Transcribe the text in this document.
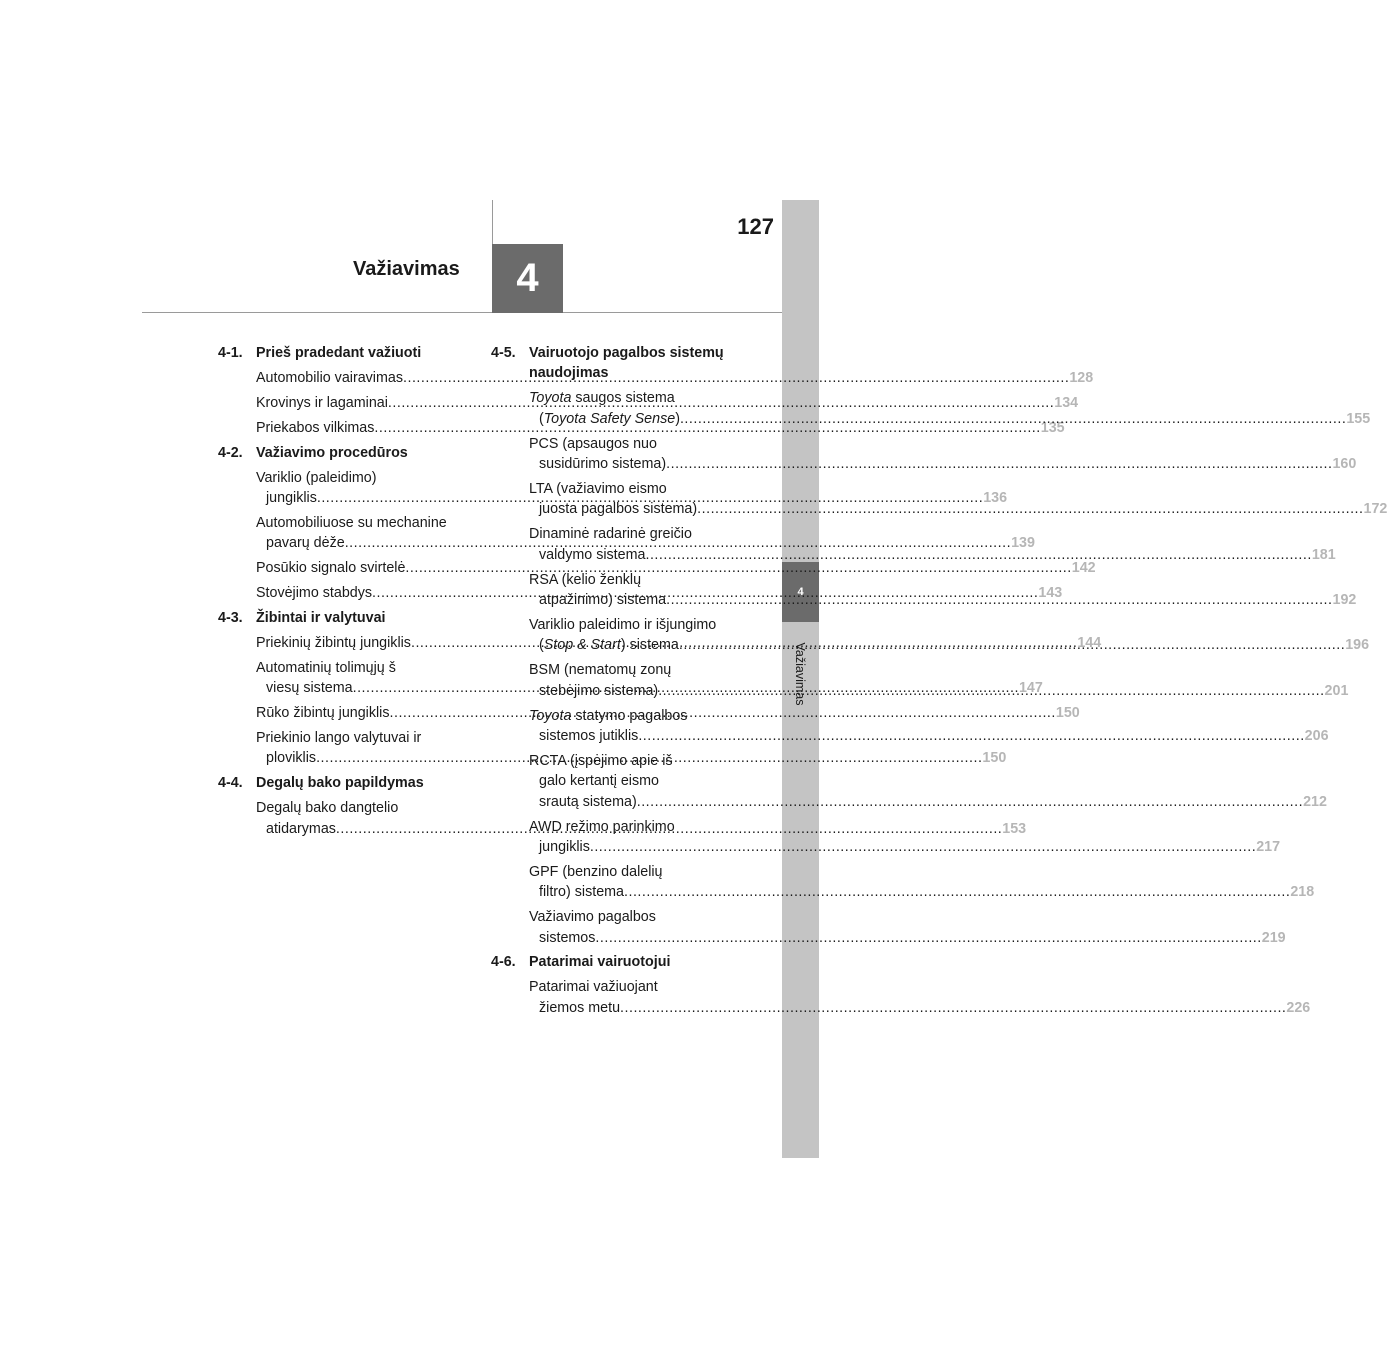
127
Važiavimas	4
4
Važiavimas
4-1. Prieš pradedant važiuoti
Automobilio vairavimas .....	128
Krovinys ir lagaminai .....	134
Priekabos vilkimas .....	135
4-2. Važiavimo procedūros
Variklio (paleidimo)
jungiklis .....	136
Automobiliuose su mechanine
pavarų dėže .....	139
Posūkio signalo svirtelė .....	142
Stovėjimo stabdys .....	143
4-3. Žibintai ir valytuvai
Priekinių žibintų jungiklis .....	144
Automatinių tolimųjų š
viesų sistema .....	147
Rūko žibintų jungiklis .....	150
Priekinio lango valytuvai ir
ploviklis .....	150
4-4. Degalų bako papildymas
Degalų bako dangtelio
atidarymas .....	153
4-5. Vairuotojo pagalbos sistemų naudojimas
Toyota saugos sistema
(Toyota Safety Sense) .....	155
PCS (apsaugos nuo
susidūrimo sistema) .....	160
LTA (važiavimo eismo
juosta pagalbos sistema) .....	172
Dinaminė radarinė greičio
valdymo sistema .....	181
RSA (kelio ženklų
atpažinimo) sistema .....	192
Variklio paleidimo ir išjungimo
(Stop & Start) sistema .....	196
BSM (nematomų zonų
stebėjimo sistema) .....	201
Toyota statymo pagalbos
sistemos jutiklis .....	206
RCTA (įspėjimo apie iš
galo kertantį eismo
srautą sistema) .....	212
AWD režimo parinkimo
jungiklis .....	217
GPF (benzino dalelių
filtro) sistema .....	218
Važiavimo pagalbos
sistemos .....	219
4-6. Patarimai vairuotojui
Patarimai važiuojant
žiemos metu .....	226
